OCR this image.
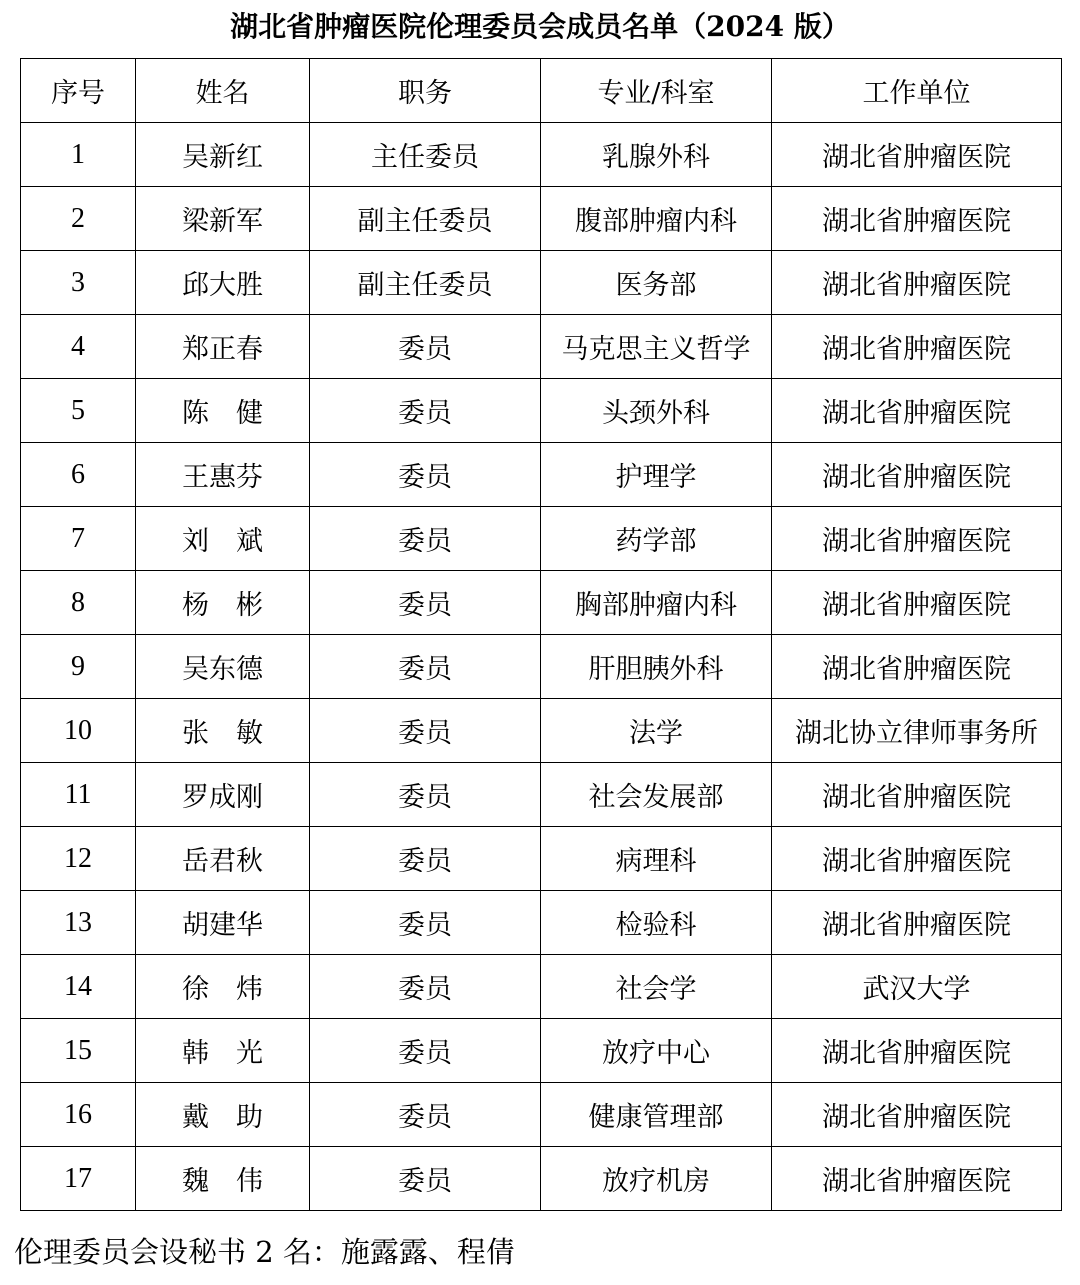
湖北省肿瘤医院伦理委员会成员名单（2024 版）
序号	姓名	职务	专业/科室	工作单位
1	吴新红	主任委员	乳腺外科	湖北省肿瘤医院
2	梁新军	副主任委员	腹部肿瘤内科	湖北省肿瘤医院
3	邱大胜	副主任委员	医务部	湖北省肿瘤医院
4	郑正春	委员	马克思主义哲学	湖北省肿瘤医院
5	陈　健	委员	头颈外科	湖北省肿瘤医院
6	王惠芬	委员	护理学	湖北省肿瘤医院
7	刘　斌	委员	药学部	湖北省肿瘤医院
8	杨　彬	委员	胸部肿瘤内科	湖北省肿瘤医院
9	吴东德	委员	肝胆胰外科	湖北省肿瘤医院
10	张　敏	委员	法学	湖北协立律师事务所
11	罗成刚	委员	社会发展部	湖北省肿瘤医院
12	岳君秋	委员	病理科	湖北省肿瘤医院
13	胡建华	委员	检验科	湖北省肿瘤医院
14	徐　炜	委员	社会学	武汉大学
15	韩　光	委员	放疗中心	湖北省肿瘤医院
16	戴　助	委员	健康管理部	湖北省肿瘤医院
17	魏　伟	委员	放疗机房	湖北省肿瘤医院
伦理委员会设秘书 2 名：施露露、程倩
